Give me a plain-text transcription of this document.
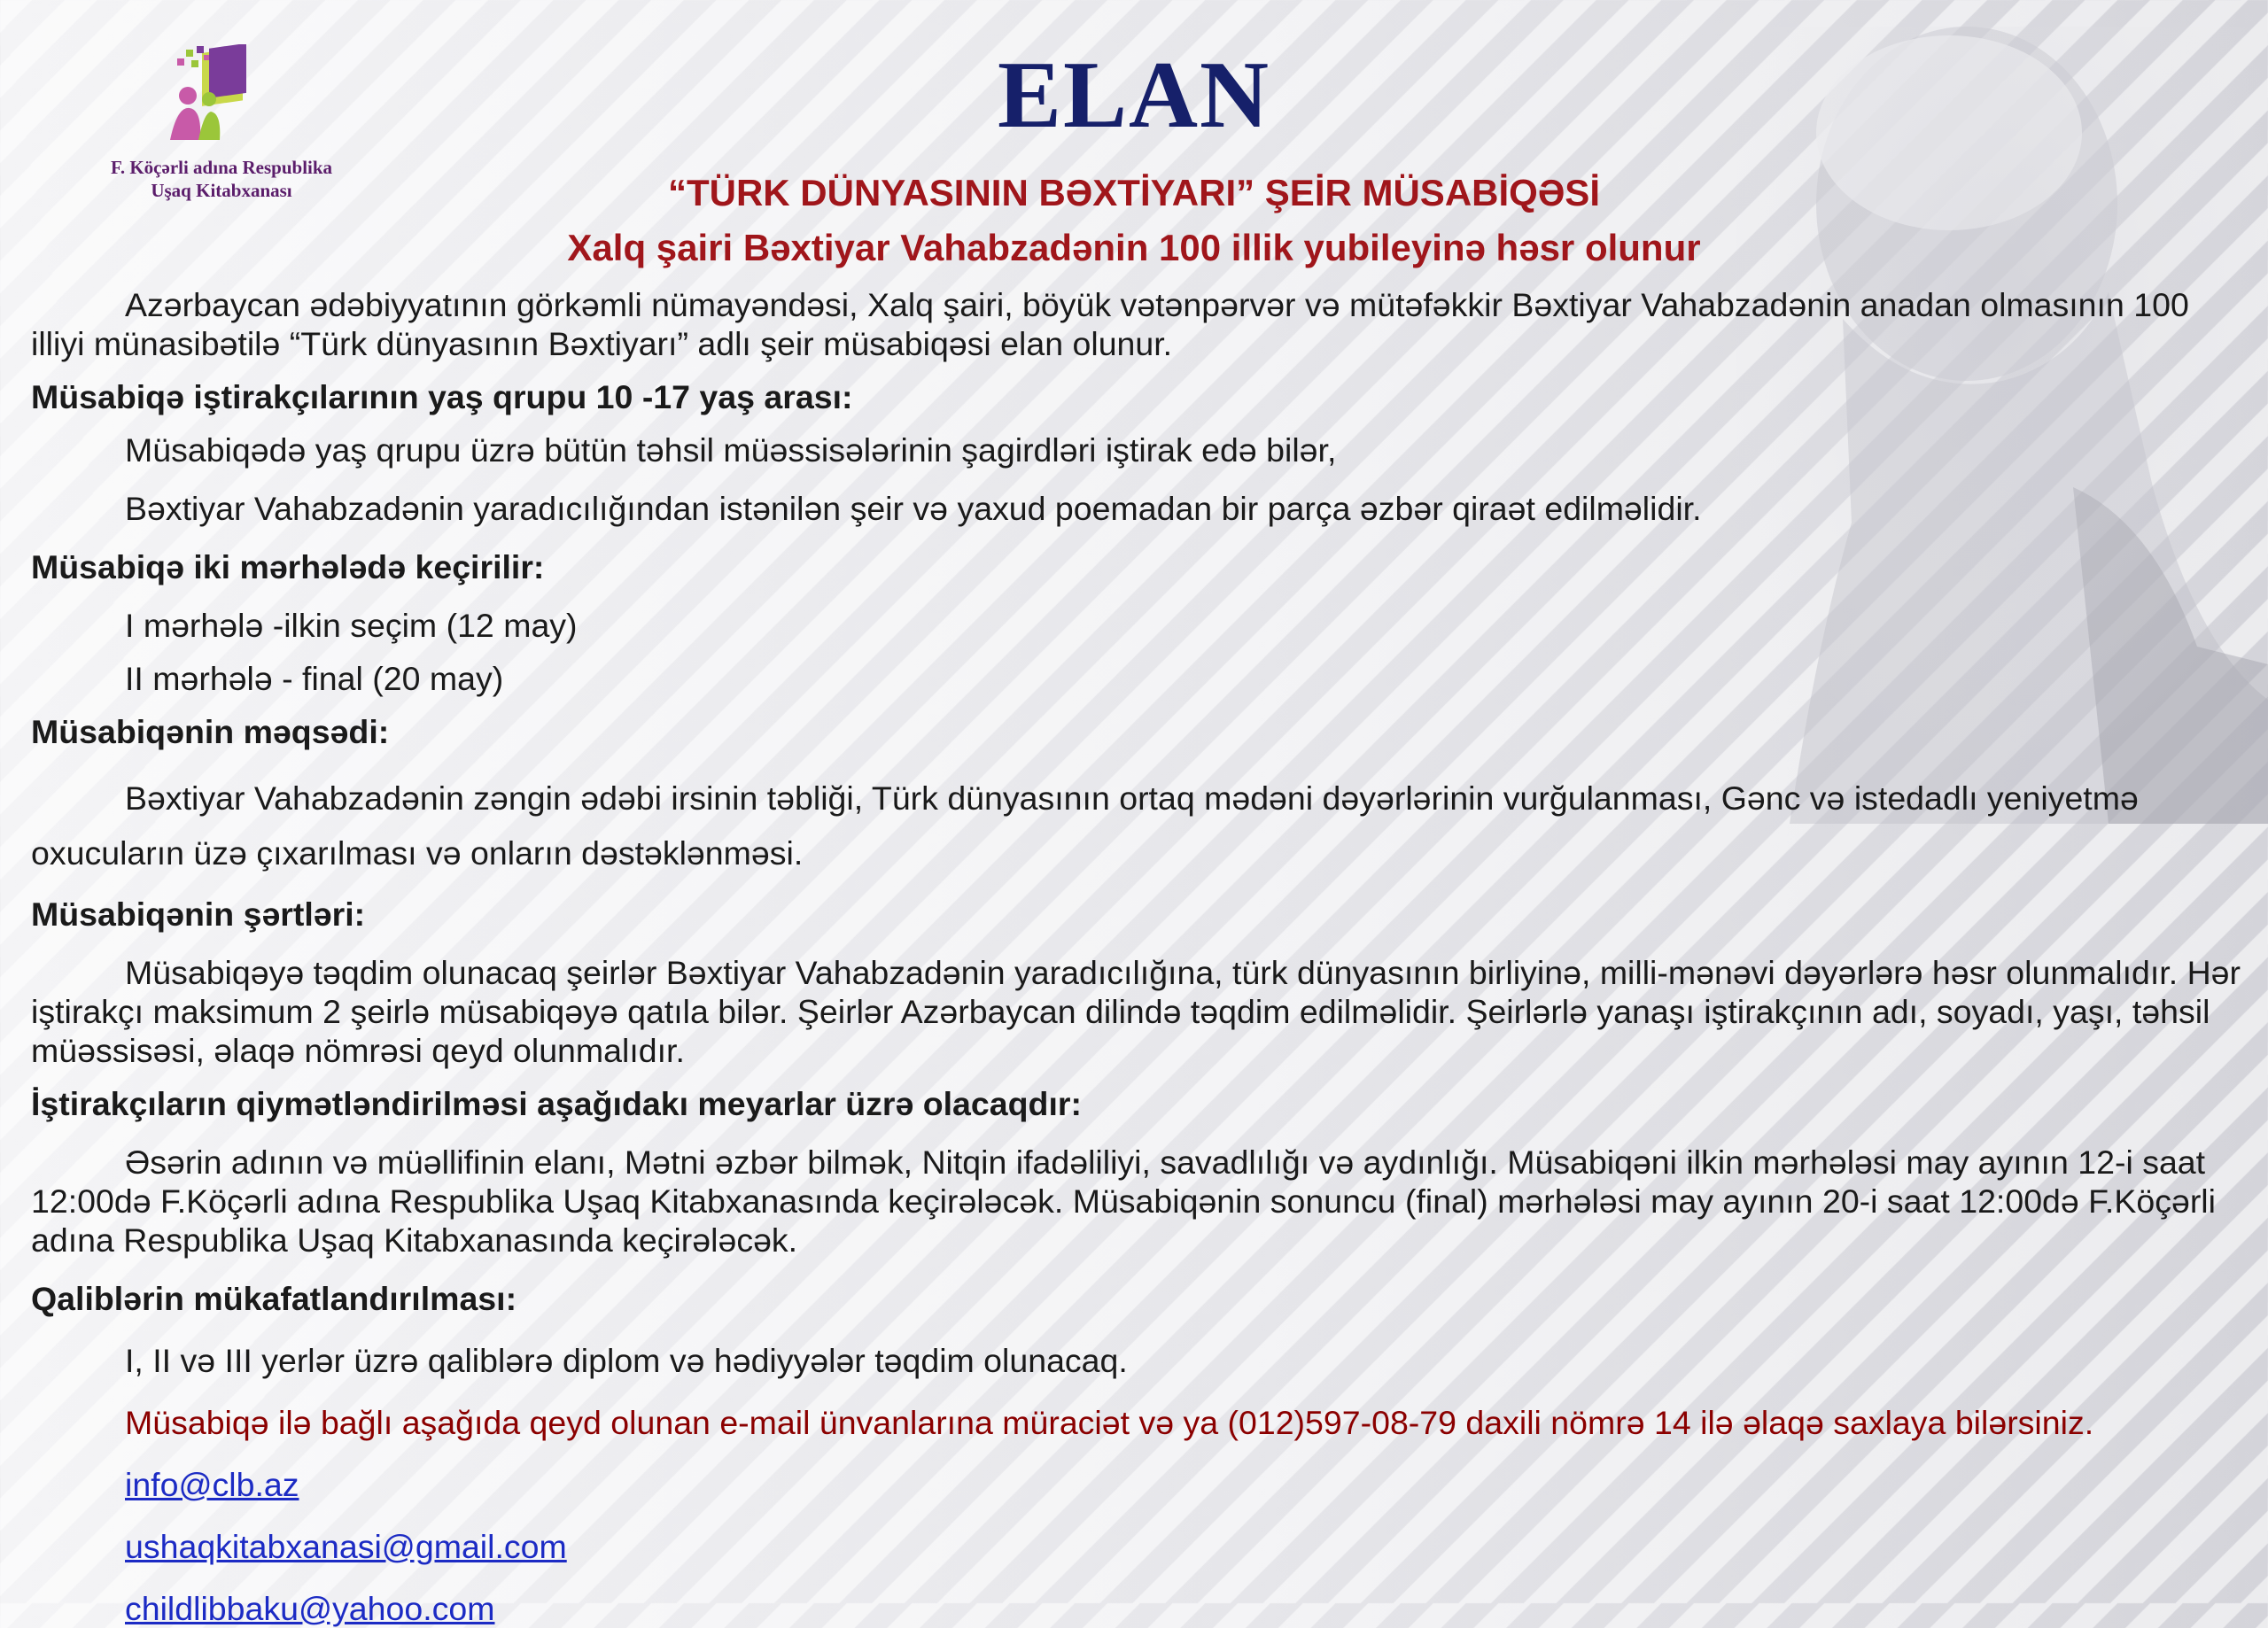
F. Köçərli adına Respublika
Uşaq Kitabxanası
ELAN

“TÜRK DÜNYASININ BƏXTİYARI” ŞEİR MÜSABİQƏSİ

Xalq şairi Bəxtiyar Vahabzadənin 100 illik yubileyinə həsr olunur

Azərbaycan ədəbiyyatının görkəmli nümayəndəsi, Xalq şairi, böyük vətənpərvər və mütəfəkkir Bəxtiyar Vahabzadənin anadan olmasının 100 illiyi münasibətilə “Türk dünyasının Bəxtiyarı” adlı şeir müsabiqəsi elan olunur.

Müsabiqə iştirakçılarının yaş qrupu 10 -17 yaş arası:

Müsabiqədə yaş qrupu üzrə bütün təhsil müəssisələrinin şagirdləri iştirak edə bilər,

Bəxtiyar Vahabzadənin yaradıcılığından istənilən şeir və yaxud poemadan bir parça əzbər qiraət edilməlidir.

Müsabiqə iki mərhələdə keçirilir:

I mərhələ -ilkin seçim (12 may)

II mərhələ - final (20 may)

Müsabiqənin məqsədi:

Bəxtiyar Vahabzadənin zəngin ədəbi irsinin təbliği, Türk dünyasının ortaq mədəni dəyərlərinin vurğulanması, Gənc və istedadlı yeniyetmə oxucuların üzə çıxarılması və onların dəstəklənməsi.

Müsabiqənin şərtləri:

Müsabiqəyə təqdim olunacaq şeirlər Bəxtiyar Vahabzadənin yaradıcılığına, türk dünyasının birliyinə, milli-mənəvi dəyərlərə həsr olunmalıdır. Hər iştirakçı maksimum 2 şeirlə müsabiqəyə qatıla bilər. Şeirlər Azərbaycan dilində təqdim edilməlidir. Şeirlərlə yanaşı iştirakçının adı, soyadı, yaşı, təhsil müəssisəsi, əlaqə nömrəsi qeyd olunmalıdır.

İştirakçıların qiymətləndirilməsi aşağıdakı meyarlar üzrə olacaqdır:

Əsərin adının və müəllifinin elanı, Mətni əzbər bilmək, Nitqin ifadəliliyi, savadlılığı və aydınlığı. Müsabiqəni ilkin mərhələsi may ayının 12-i saat 12:00də F.Köçərli adına Respublika Uşaq Kitabxanasında keçirələcək. Müsabiqənin sonuncu (final) mərhələsi may ayının 20-i saat 12:00də F.Köçərli adına Respublika Uşaq Kitabxanasında keçirələcək.

Qaliblərin mükafatlandırılması:

I, II və III yerlər üzrə qaliblərə diplom və hədiyyələr təqdim olunacaq.

Müsabiqə ilə bağlı aşağıda qeyd olunan e-mail ünvanlarına müraciət və ya (012)597-08-79 daxili nömrə 14 ilə əlaqə saxlaya bilərsiniz.

info@clb.az

ushaqkitabxanasi@gmail.com

childlibbaku@yahoo.com
